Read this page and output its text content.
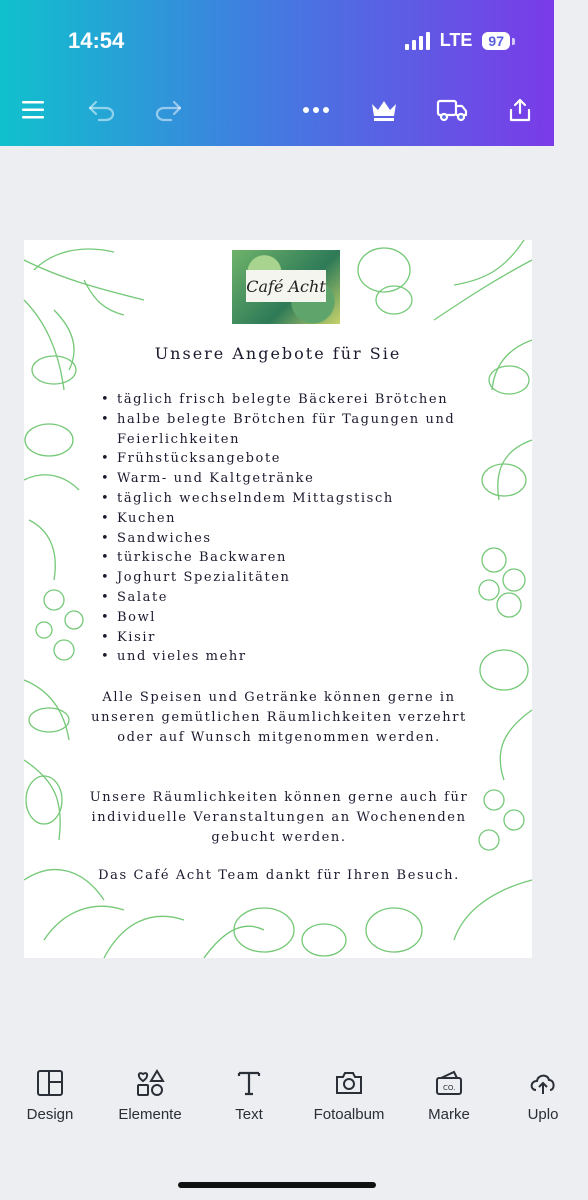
14:54	LTE	97
Café Acht
Unsere Angebote für Sie
• täglich frisch belegte Bäckerei Brötchen
• halbe belegte Brötchen für Tagungen und Feierlichkeiten
• Frühstücksangebote
• Warm- und Kaltgetränke
• täglich wechselndem Mittagstisch
• Kuchen
• Sandwiches
• türkische Backwaren
• Joghurt Spezialitäten
• Salate
• Bowl
• Kisir
• und vieles mehr
Alle Speisen und Getränke können gerne in unseren gemütlichen Räumlichkeiten verzehrt oder auf Wunsch mitgenommen werden.
Unsere Räumlichkeiten können gerne auch für individuelle Veranstaltungen an Wochenenden gebucht werden.
Das Café Acht Team dankt für Ihren Besuch.
Design	Elemente	Text	Fotoalbum
CO.
Marke	Uplo
